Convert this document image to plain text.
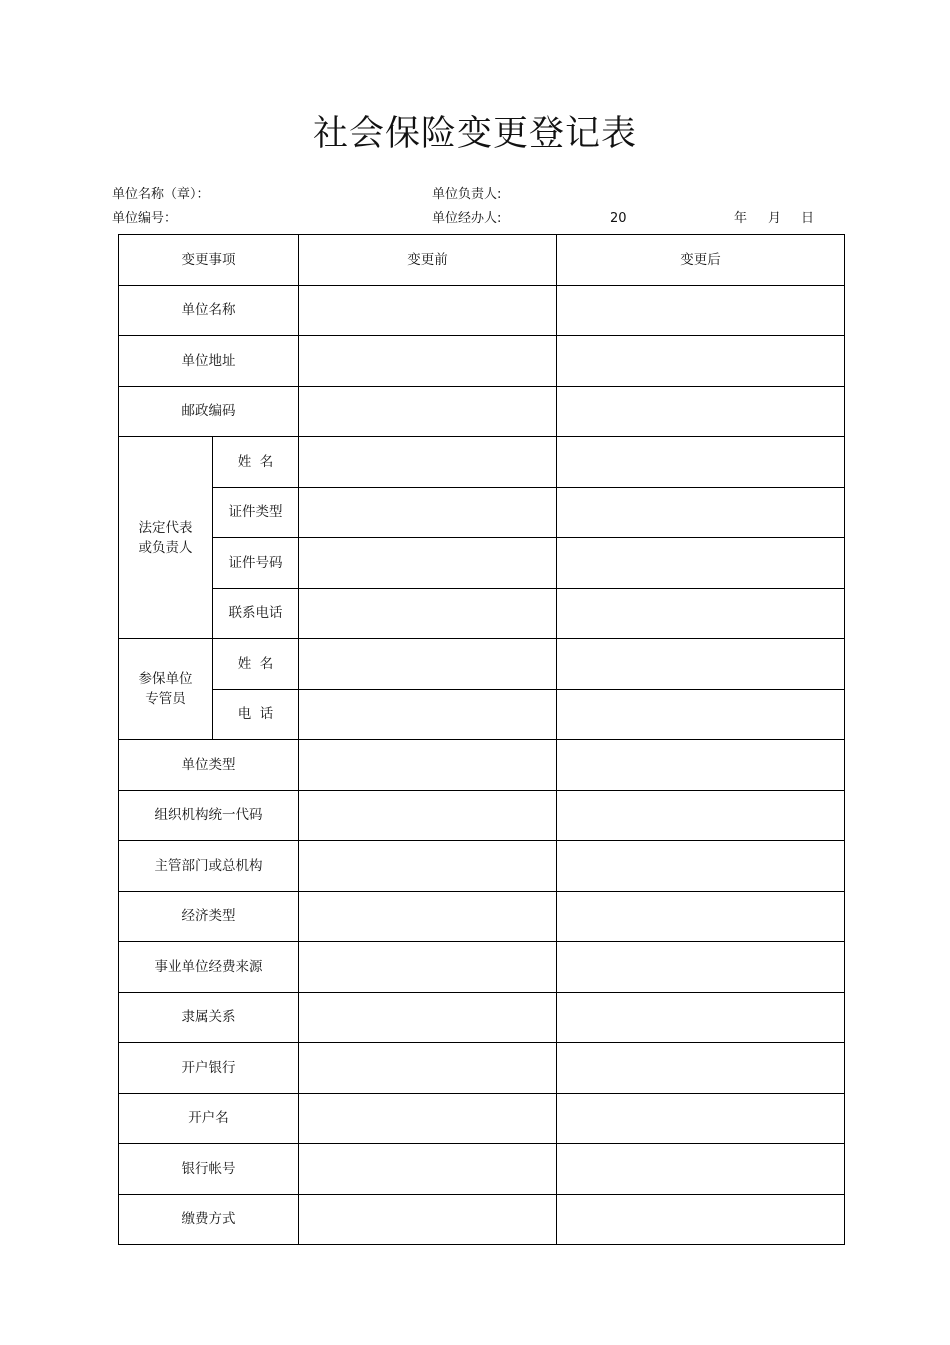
社会保险变更登记表
单位名称（章）：
单位编号：
单位负责人:
单位经办人:	20	年 月 日
变更事项		变更前	变更后
单位名称			
单位地址			
邮政编码			

法定代表
或负责人	姓  名		
	证件类型		
	证件号码		
	联系电话		

参保单位
专管员	姓  名		
	电  话		
单位类型			
组织机构统一代码			
主管部门或总机构			
经济类型			
事业单位经费来源			
隶属关系			
开户银行			
开户名			
银行帐号			
缴费方式			
